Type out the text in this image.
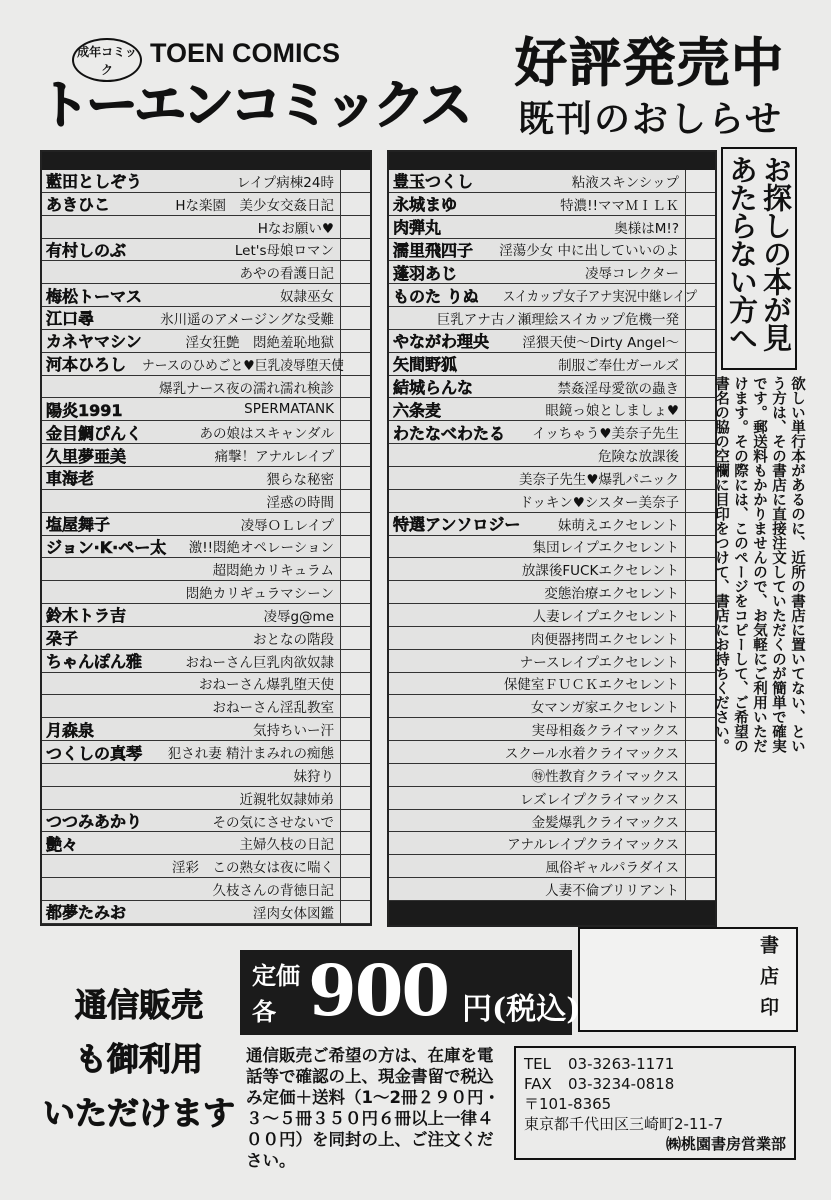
成年コミック
TOEN COMICS
トーエンコミックス
好評発売中
既刊のおしらせ
藍田としぞう	レイプ病棟24時
あきひこ	Hな楽園　美少女交姦日記
Hなお願い♥
有村しのぶ	Let's母娘ロマン
あやの看護日記
梅松トーマス	奴隷巫女
江口尋	氷川遥のアメージングな受難
カネヤマシン	淫女狂艶　悶絶羞恥地獄
河本ひろし	ナースのひめごと♥巨乳凌辱堕天使
爆乳ナース夜の濡れ濡れ検診
陽炎1991	SPERMATANK
金目鯛ぴんく	あの娘はスキャンダル
久里夢亜美	痛撃！アナルレイプ
車海老	猥らな秘密
淫惑の時間
塩屋舞子	凌辱ＯＬレイプ
ジョン·K·ペー太	激!!悶絶オペレーション
超悶絶カリキュラム
悶絶カリギュラマシーン
鈴木トラ吉	凌辱g@me
朶子	おとなの階段
ちゃんぽん雅	おねーさん巨乳肉欲奴隷
おねーさん爆乳堕天使
おねーさん淫乱教室
月森泉	気持ちいー汗
つくしの真琴	犯され妻 精汁まみれの痴態
妹狩り
近親牝奴隷姉弟
つつみあかり	その気にさせないで
艶々	主婦久枝の日記
淫彩　この熟女は夜に喘く
久枝さんの背徳日記
都夢たみお	淫肉女体図鑑
豊玉つくし	粘液スキンシップ
永城まゆ	特濃!!ママＭＩＬＫ
肉弾丸	奥様はM!?
濡里飛四子	淫蕩少女 中に出していいのよ
蓬羽あじ	凌辱コレクター
ものた りぬ	スイカップ女子アナ実況中継レイプ
巨乳アナ古ノ瀬理絵スイカップ危機一発
やながわ理央	淫猥天使～Dirty Angel～
矢間野狐	制服ご奉仕ガールズ
結城らんな	禁姦淫母愛欲の蟲き
六条麦	眼鏡っ娘としましょ♥
わたなべわたる	イッちゃう♥美奈子先生
危険な放課後
美奈子先生♥爆乳パニック
ドッキン♥シスター美奈子
特選アンソロジー	妹萌えエクセレント
集団レイプエクセレント
放課後FUCKエクセレント
変態治療エクセレント
人妻レイプエクセレント
肉便器拷問エクセレント
ナースレイプエクセレント
保健室ＦＵＣＫエクセレント
女マンガ家エクセレント
実母相姦クライマックス
スクール水着クライマックス
㊕性教育クライマックス
レズレイプクライマックス
金髪爆乳クライマックス
アナルレイプクライマックス
風俗ギャルパラダイス
人妻不倫ブリリアント
お探しの本が見あたらない方へ
欲しい単行本があるのに、近所の書店に置いてない、という方は、その書店に直接注文していただくのが簡単で確実です。郵送料もかかりませんので、お気軽にご利用いただけます。その際には、このページをコピーして、ご希望の書名の脇の空欄に目印をつけて、書店にお持ちください。
書店印
通信販売
も御利用
いただけます
定価
各 900 円(税込)
通信販売ご希望の方は、在庫を電話等で確認の上、現金書留で税込み定価＋送料（1～2冊２９０円・３～５冊３５０円６冊以上一律４００円）を同封の上、ご注文ください。
TEL 03-3263-1171
FAX 03-3234-0818
〒101-8365
東京都千代田区三崎町2-11-7
㈱桃園書房営業部
